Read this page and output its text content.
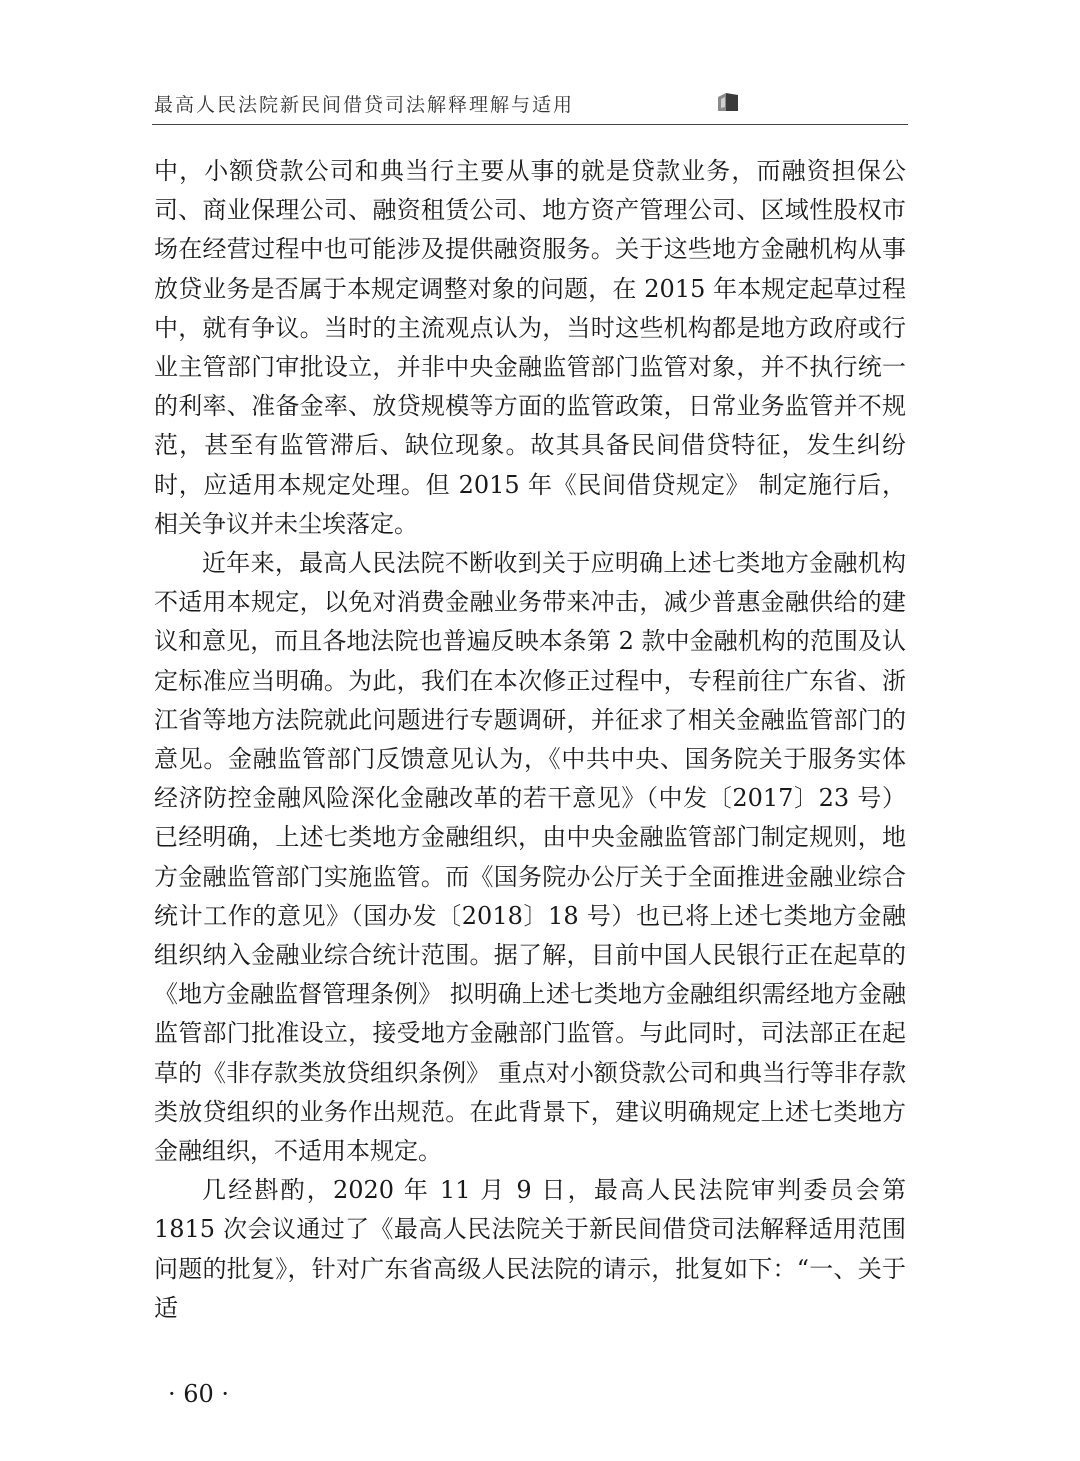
最高人民法院新民间借贷司法解释理解与适用

中，小额贷款公司和典当行主要从事的就是贷款业务，而融资担保公司、商业保理公司、融资租赁公司、地方资产管理公司、区域性股权市场在经营过程中也可能涉及提供融资服务。关于这些地方金融机构从事放贷业务是否属于本规定调整对象的问题，在 2015 年本规定起草过程中，就有争议。当时的主流观点认为，当时这些机构都是地方政府或行业主管部门审批设立，并非中央金融监管部门监管对象，并不执行统一的利率、准备金率、放贷规模等方面的监管政策，日常业务监管并不规范，甚至有监管滞后、缺位现象。故其具备民间借贷特征，发生纠纷时，应适用本规定处理。但 2015 年《民间借贷规定》 制定施行后，相关争议并未尘埃落定。

近年来，最高人民法院不断收到关于应明确上述七类地方金融机构不适用本规定，以免对消费金融业务带来冲击，减少普惠金融供给的建议和意见，而且各地法院也普遍反映本条第 2 款中金融机构的范围及认定标准应当明确。为此，我们在本次修正过程中，专程前往广东省、浙江省等地方法院就此问题进行专题调研，并征求了相关金融监管部门的意见。金融监管部门反馈意见认为，《中共中央、国务院关于服务实体经济防控金融风险深化金融改革的若干意见》（中发〔2017〕23 号）已经明确，上述七类地方金融组织，由中央金融监管部门制定规则，地方金融监管部门实施监管。而《国务院办公厅关于全面推进金融业综合统计工作的意见》（国办发〔2018〕18 号）也已将上述七类地方金融组织纳入金融业综合统计范围。据了解，目前中国人民银行正在起草的《地方金融监督管理条例》 拟明确上述七类地方金融组织需经地方金融监管部门批准设立，接受地方金融部门监管。与此同时，司法部正在起草的《非存款类放贷组织条例》 重点对小额贷款公司和典当行等非存款类放贷组织的业务作出规范。在此背景下，建议明确规定上述七类地方金融组织，不适用本规定。

几经斟酌，2020 年 11 月 9 日，最高人民法院审判委员会第 1815 次会议通过了《最高人民法院关于新民间借贷司法解释适用范围问题的批复》，针对广东省高级人民法院的请示，批复如下：“一、关于适

· 60 ·
